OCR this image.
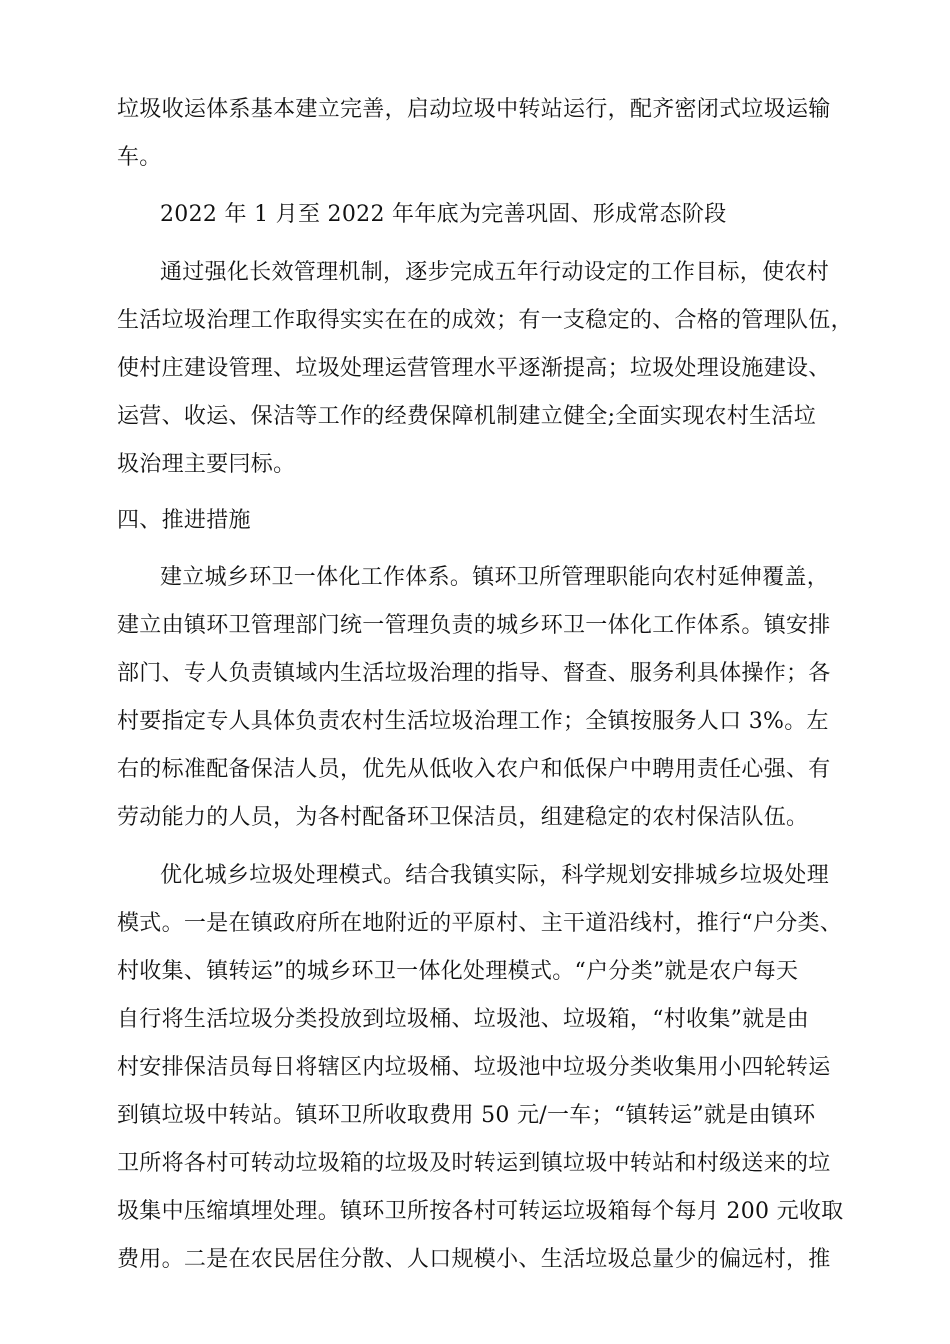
垃圾收运体系基本建立完善，启动垃圾中转站运行，配齐密闭式垃圾运输
车。
2022 年 1 月至 2022 年年底为完善巩固、形成常态阶段
通过强化长效管理机制，逐步完成五年行动设定的工作目标，使农村
生活垃圾治理工作取得实实在在的成效；有一支稳定的、合格的管理队伍，
使村庄建设管理、垃圾处理运营管理水平逐渐提高；垃圾处理设施建设、
运营、收运、保洁等工作的经费保障机制建立健全;全面实现农村生活垃
圾治理主要冃标。
四、推进措施
建立城乡环卫一体化工作体系。镇环卫所管理职能向农村延伸覆盖，
建立由镇环卫管理部门统一管理负责的城乡环卫一体化工作体系。镇安排
部门、专人负责镇域内生活垃圾治理的指导、督查、服务利具体操作；各
村要指定专人具体负责农村生活垃圾治理工作；全镇按服务人口 3%。左
右的标准配备保洁人员，优先从低收入农户和低保户中聘用责任心强、有
劳动能力的人员，为各村配备环卫保洁员，组建稳定的农村保洁队伍。
优化城乡垃圾处理模式。结合我镇实际，科学规划安排城乡垃圾处理
模式。一是在镇政府所在地附近的平原村、主干道沿线村，推行“户分类、
村收集、镇转运”的城乡环卫一体化处理模式。“户分类”就是农户每天
自行将生活垃圾分类投放到垃圾桶、垃圾池、垃圾箱，“村收集”就是由
村安排保洁员每日将辖区内垃圾桶、垃圾池中垃圾分类收集用小四轮转运
到镇垃圾中转站。镇环卫所收取费用 50 元/一车；“镇转运”就是由镇环
卫所将各村可转动垃圾箱的垃圾及时转运到镇垃圾中转站和村级送来的垃
圾集中压缩填埋处理。镇环卫所按各村可转运垃圾箱每个每月 200 元收取
费用。二是在农民居住分散、人口规模小、生活垃圾总量少的偏远村，推
